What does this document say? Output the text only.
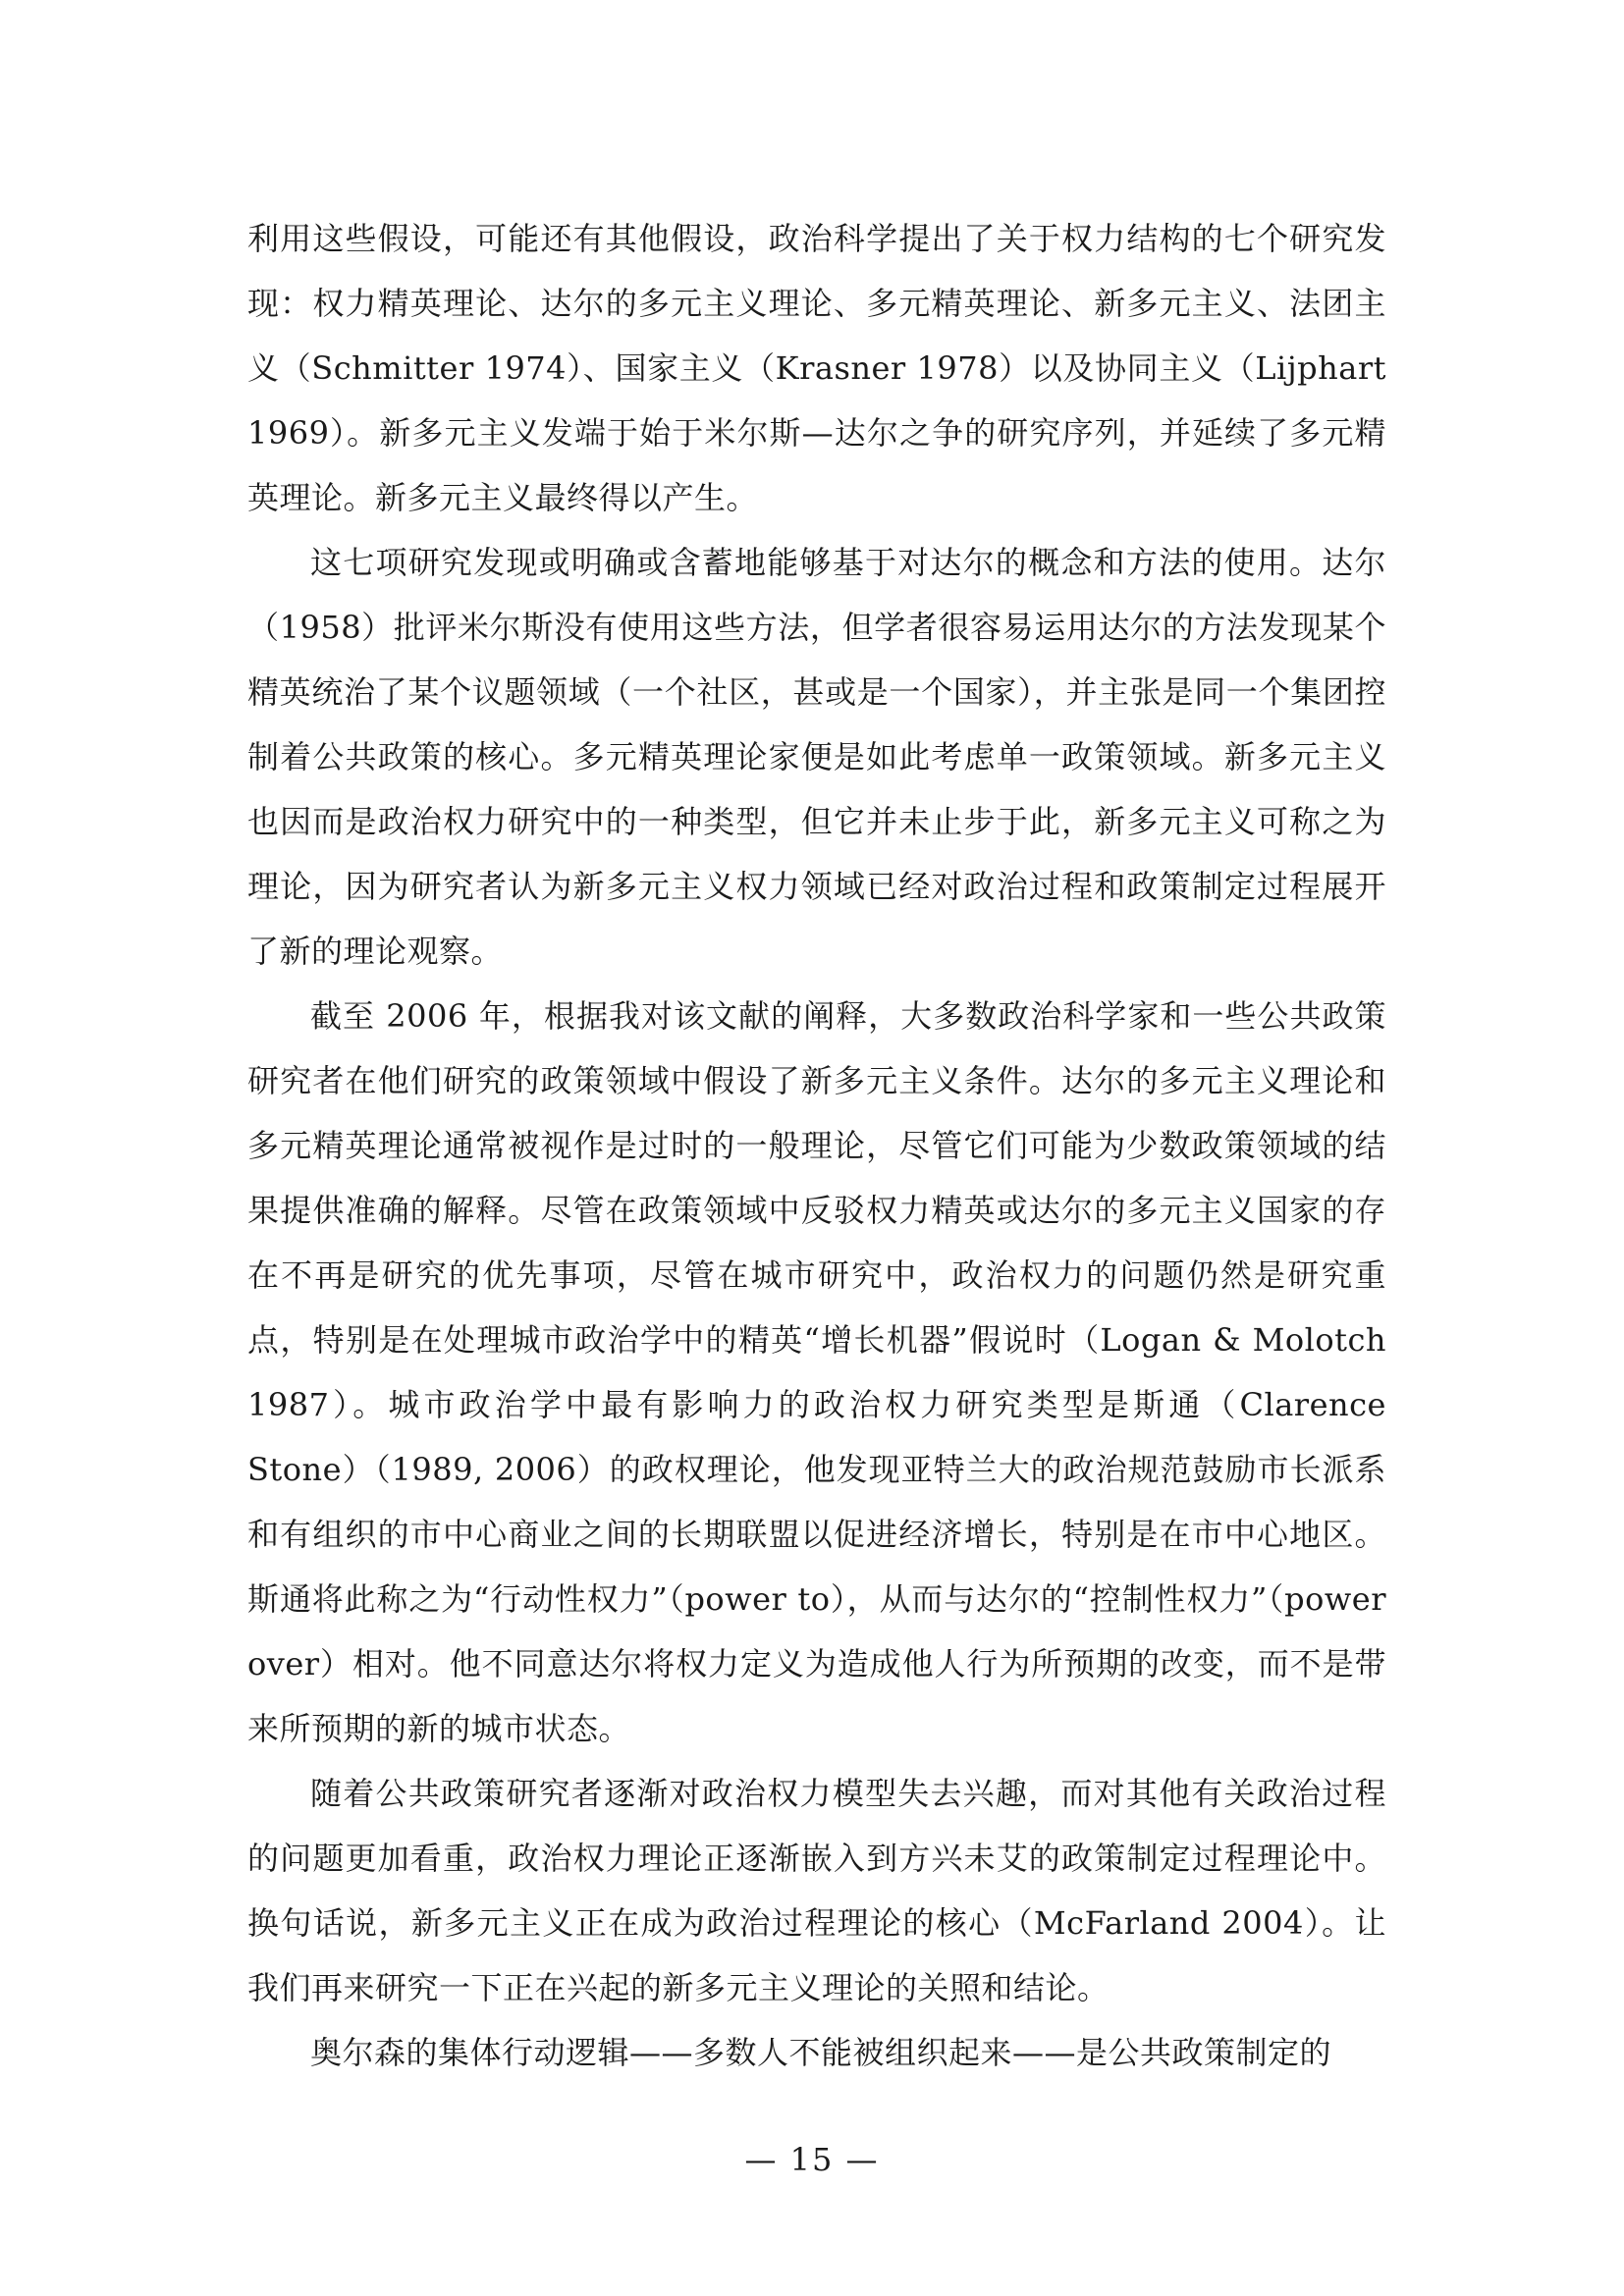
利用这些假设，可能还有其他假设，政治科学提出了关于权力结构的七个研究发现：权力精英理论、达尔的多元主义理论、多元精英理论、新多元主义、法团主义（Schmitter 1974）、国家主义（Krasner 1978）以及协同主义（Lijphart 1969）。新多元主义发端于始于米尔斯—达尔之争的研究序列，并延续了多元精英理论。新多元主义最终得以产生。

这七项研究发现或明确或含蓄地能够基于对达尔的概念和方法的使用。达尔（1958）批评米尔斯没有使用这些方法，但学者很容易运用达尔的方法发现某个精英统治了某个议题领域（一个社区，甚或是一个国家），并主张是同一个集团控制着公共政策的核心。多元精英理论家便是如此考虑单一政策领域。新多元主义也因而是政治权力研究中的一种类型，但它并未止步于此，新多元主义可称之为理论，因为研究者认为新多元主义权力领域已经对政治过程和政策制定过程展开了新的理论观察。

截至 2006 年，根据我对该文献的阐释，大多数政治科学家和一些公共政策研究者在他们研究的政策领域中假设了新多元主义条件。达尔的多元主义理论和多元精英理论通常被视作是过时的一般理论，尽管它们可能为少数政策领域的结果提供准确的解释。尽管在政策领域中反驳权力精英或达尔的多元主义国家的存在不再是研究的优先事项，尽管在城市研究中，政治权力的问题仍然是研究重点，特别是在处理城市政治学中的精英“增长机器”假说时（Logan & Molotch 1987）。城市政治学中最有影响力的政治权力研究类型是斯通（Clarence Stone）（1989, 2006）的政权理论，他发现亚特兰大的政治规范鼓励市长派系和有组织的市中心商业之间的长期联盟以促进经济增长，特别是在市中心地区。斯通将此称之为“行动性权力”（power to），从而与达尔的“控制性权力”（power over）相对。他不同意达尔将权力定义为造成他人行为所预期的改变，而不是带来所预期的新的城市状态。

随着公共政策研究者逐渐对政治权力模型失去兴趣，而对其他有关政治过程的问题更加看重，政治权力理论正逐渐嵌入到方兴未艾的政策制定过程理论中。换句话说，新多元主义正在成为政治过程理论的核心（McFarland 2004）。让我们再来研究一下正在兴起的新多元主义理论的关照和结论。

奥尔森的集体行动逻辑——多数人不能被组织起来——是公共政策制定的

— 15 —
